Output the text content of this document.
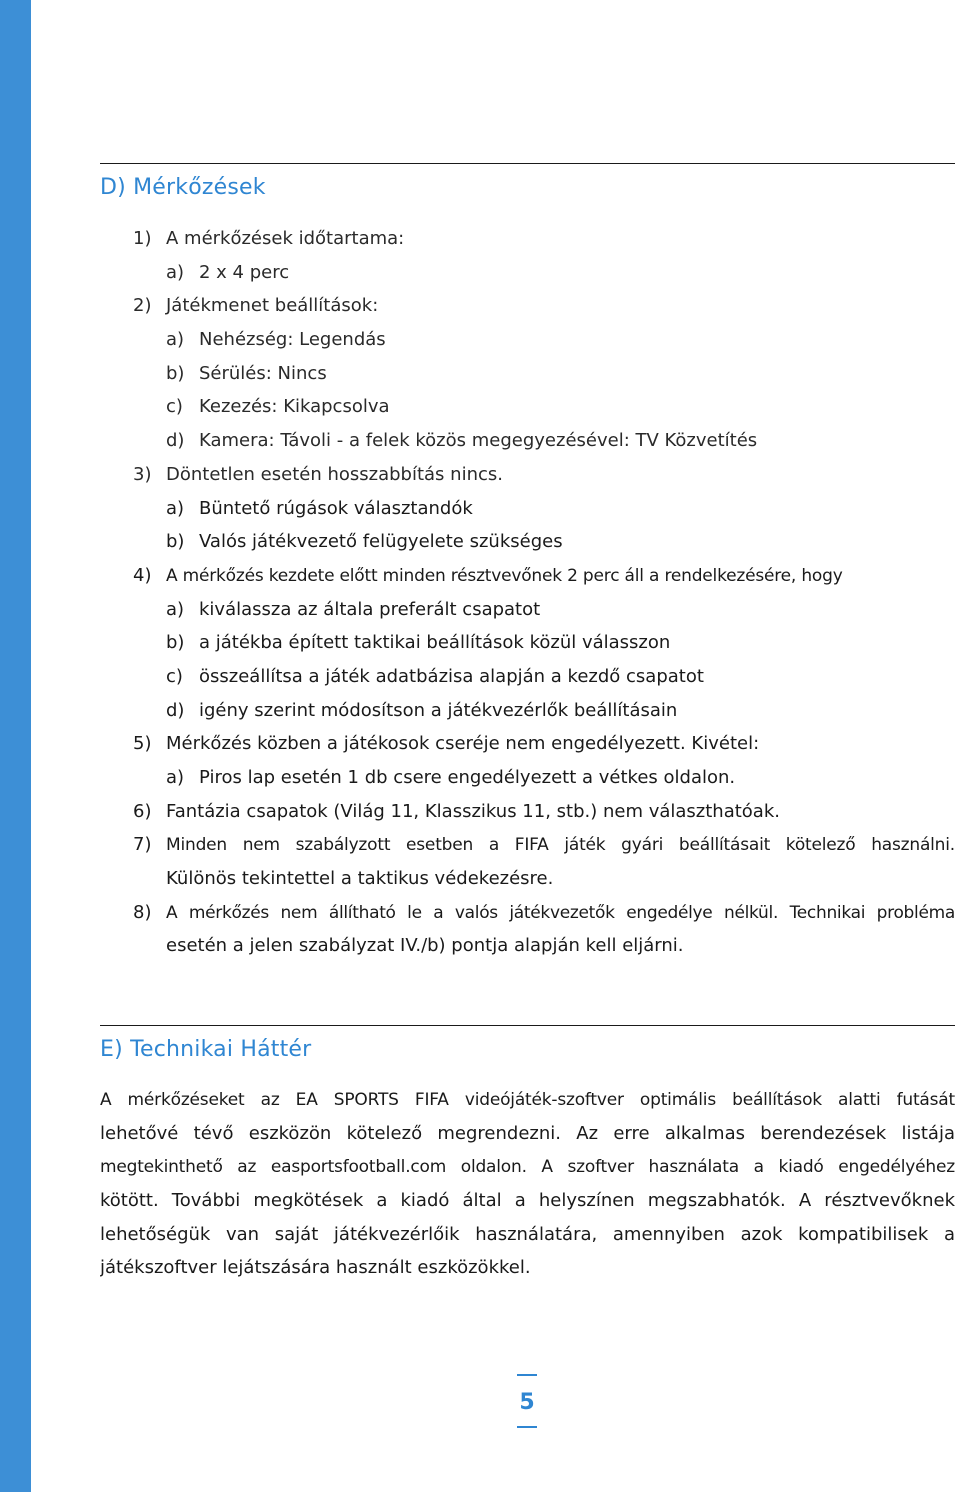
D) Mérkőzések
1) A mérkőzések időtartama:
a) 2 x 4 perc
2) Játékmenet beállítások:
a) Nehézség: Legendás
b) Sérülés: Nincs
c) Kezezés: Kikapcsolva
d) Kamera: Távoli - a felek közös megegyezésével: TV Közvetítés
3) Döntetlen esetén hosszabbítás nincs.
a) Büntető rúgások választandók
b) Valós játékvezető felügyelete szükséges
4) A mérkőzés kezdete előtt minden résztvevőnek 2 perc áll a rendelkezésére, hogy
a) kiválassza az általa preferált csapatot
b) a játékba épített taktikai beállítások közül válasszon
c) összeállítsa a játék adatbázisa alapján a kezdő csapatot
d) igény szerint módosítson a játékvezérlők beállításain
5) Mérkőzés közben a játékosok cseréje nem engedélyezett. Kivétel:
a) Piros lap esetén 1 db csere engedélyezett a vétkes oldalon.
6) Fantázia csapatok (Világ 11, Klasszikus 11, stb.) nem választhatóak.
7) Minden nem szabályzott esetben a FIFA játék gyári beállításait kötelező használni.
Különös tekintettel a taktikus védekezésre.
8) A mérkőzés nem állítható le a valós játékvezetők engedélye nélkül. Technikai probléma
esetén a jelen szabályzat IV./b) pontja alapján kell eljárni.
E) Technikai Háttér
A mérkőzéseket az EA SPORTS FIFA videójáték-szoftver optimális beállítások alatti futását
lehetővé tévő eszközön kötelező megrendezni. Az erre alkalmas berendezések listája
megtekinthető az easportsfootball.com oldalon. A szoftver használata a kiadó engedélyéhez
kötött. További megkötések a kiadó által a helyszínen megszabhatók. A résztvevőknek
lehetőségük van saját játékvezérlőik használatára, amennyiben azok kompatibilisek a
játékszoftver lejátszására használt eszközökkel.
5
